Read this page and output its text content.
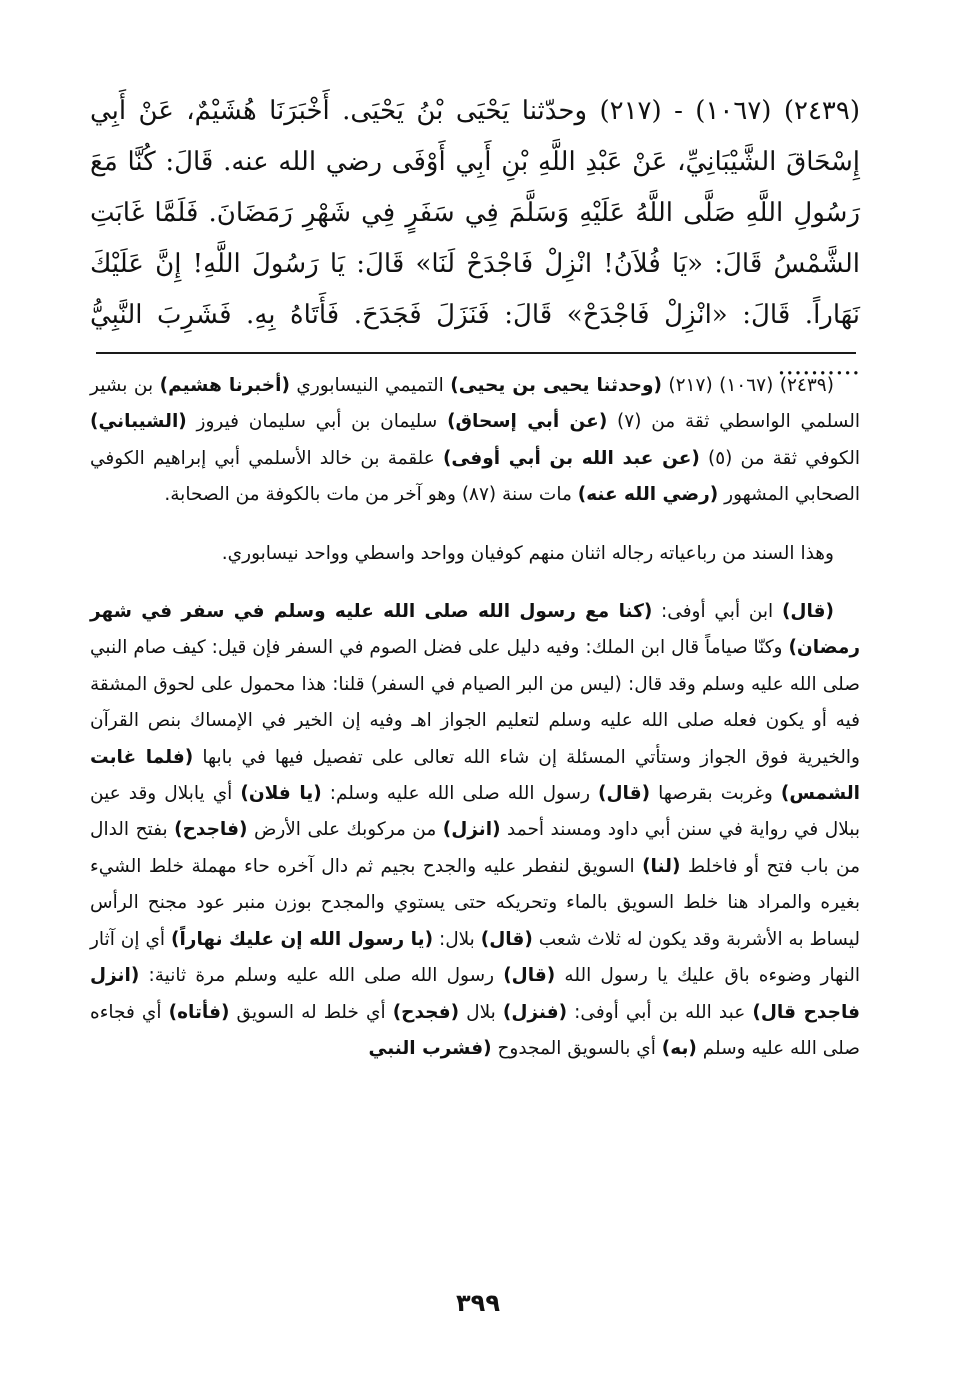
(٢٤٣٩) (١٠٦٧) - (٢١٧) وحدّثنا يَحْيَى بْنُ يَحْيَى. أَخْبَرَنَا هُشَيْمٌ، عَنْ أَبِي إِسْحَاقَ الشَّيْبَانِيِّ، عَنْ عَبْدِ اللَّهِ بْنِ أَبِي أَوْفَى رضي الله عنه. قَالَ: كُنَّا مَعَ رَسُولِ اللَّهِ صَلَّى اللَّهُ عَلَيْهِ وَسَلَّمَ فِي سَفَرٍ فِي شَهْرِ رَمَضَانَ. فَلَمَّا غَابَتِ الشَّمْسُ قَالَ: «يَا فُلاَنُ! انْزِلْ فَاجْدَحْ لَنَا» قَالَ: يَا رَسُولَ اللَّهِ! إِنَّ عَلَيْكَ نَهَاراً. قَالَ: «انْزِلْ فَاجْدَحْ» قَالَ: فَنَزَلَ فَجَدَحَ. فَأَتَاهُ بِهِ. فَشَرِبَ النَّبِيُّ ..........

(٢٤٣٩) (١٠٦٧) (٢١٧) (وحدثنا يحيى بن يحيى) التميمي النيسابوري (أخبرنا هشيم) بن بشير السلمي الواسطي ثقة من (٧) (عن أبي إسحاق) سليمان بن أبي سليمان فيروز (الشيباني) الكوفي ثقة من (٥) (عن عبد الله بن أبي أوفى) علقمة بن خالد الأسلمي أبي إبراهيم الكوفي الصحابي المشهور (رضي الله عنه) مات سنة (٨٧) وهو آخر من مات بالكوفة من الصحابة.

وهذا السند من رباعياته رجاله اثنان منهم كوفيان وواحد واسطي وواحد نيسابوري.

(قال) ابن أبي أوفى: (كنا مع رسول الله صلى الله عليه وسلم في سفر في شهر رمضان) وكنّا صياماً قال ابن الملك: وفيه دليل على فضل الصوم في السفر فإن قيل: كيف صام النبي صلى الله عليه وسلم وقد قال: (ليس من البر الصيام في السفر) قلنا: هذا محمول على لحوق المشقة فيه أو يكون فعله صلى الله عليه وسلم لتعليم الجواز اهـ وفيه إن الخير في الإمساك بنص القرآن والخيرية فوق الجواز وستأتي المسئلة إن شاء الله تعالى على تفصيل فيها في بابها (فلما غابت الشمس) وغربت بقرصها (قال) رسول الله صلى الله عليه وسلم: (يا فلان) أي يابلال وقد عين ببلال في رواية في سنن أبي داود ومسند أحمد (انزل) من مركوبك على الأرض (فاجدح) بفتح الدال من باب فتح أو فاخلط (لنا) السويق لنفطر عليه والجدح بجيم ثم دال آخره حاء مهملة خلط الشيء بغيره والمراد هنا خلط السويق بالماء وتحريكه حتى يستوي والمجدح بوزن منبر عود مجنح الرأس ليساط به الأشربة وقد يكون له ثلاث شعب (قال) بلال: (يا رسول الله إن عليك نهاراً) أي إن آثار النهار وضوءه باق عليك يا رسول الله (قال) رسول الله صلى الله عليه وسلم مرة ثانية: (انزل فاجدح قال) عبد الله بن أبي أوفى: (فنزل) بلال (فجدح) أي خلط له السويق (فأتاه) أي فجاءه صلى الله عليه وسلم (به) أي بالسويق المجدوح (فشرب النبي

٣٩٩
